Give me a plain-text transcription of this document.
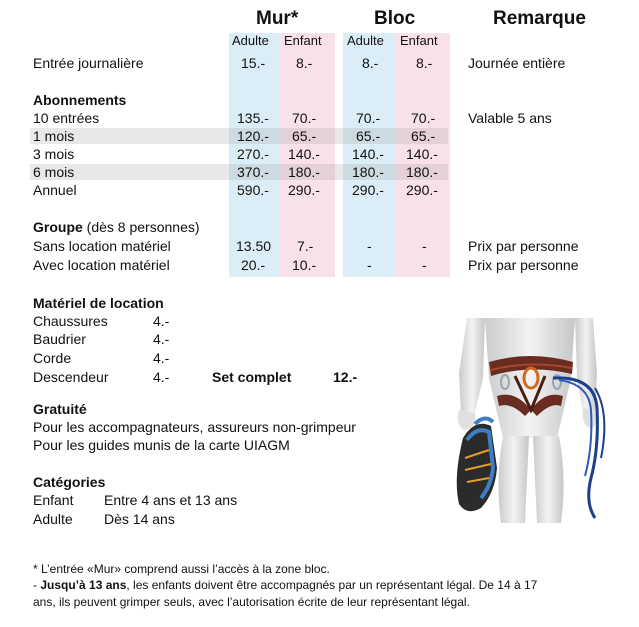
Mur*	Bloc	Remarque
Adulte Enfant Adulte Enfant
Entrée journalière	15.- 8.-	8.-	8.-	Journée entière
Abonnements
10 entrées	135.- 70.-	70.- 70.- Valable 5 ans
1 mois	120.- 65.-	65.- 65.-
3 mois	270.- 140.- 140.- 140.-
6 mois	370.- 180.- 180.- 180.-
Annuel	590.- 290.- 290.- 290.-
Groupe (dès 8 personnes)
Sans location matériel	13.50 7.-	-	-	Prix par personne
Avec location matériel	20.- 10.-	-	-	Prix par personne
Matériel de location
Chaussures	4.-
Baudrier	4.-
Corde	4.-
Descendeur	4.-	Set complet	12.-
Gratuité
Pour les accompagnateurs, assureurs non-grimpeur
Pour les guides munis de la carte UIAGM
Catégories
Enfant Entre 4 ans et 13 ans
Adulte Dès 14 ans
* L’entrée «Mur» comprend aussi l’accès à la zone bloc.
- Jusqu’à 13 ans, les enfants doivent être accompagnés par un représentant légal. De 14 à 17
ans, ils peuvent grimper seuls, avec l’autorisation écrite de leur représentant légal.
